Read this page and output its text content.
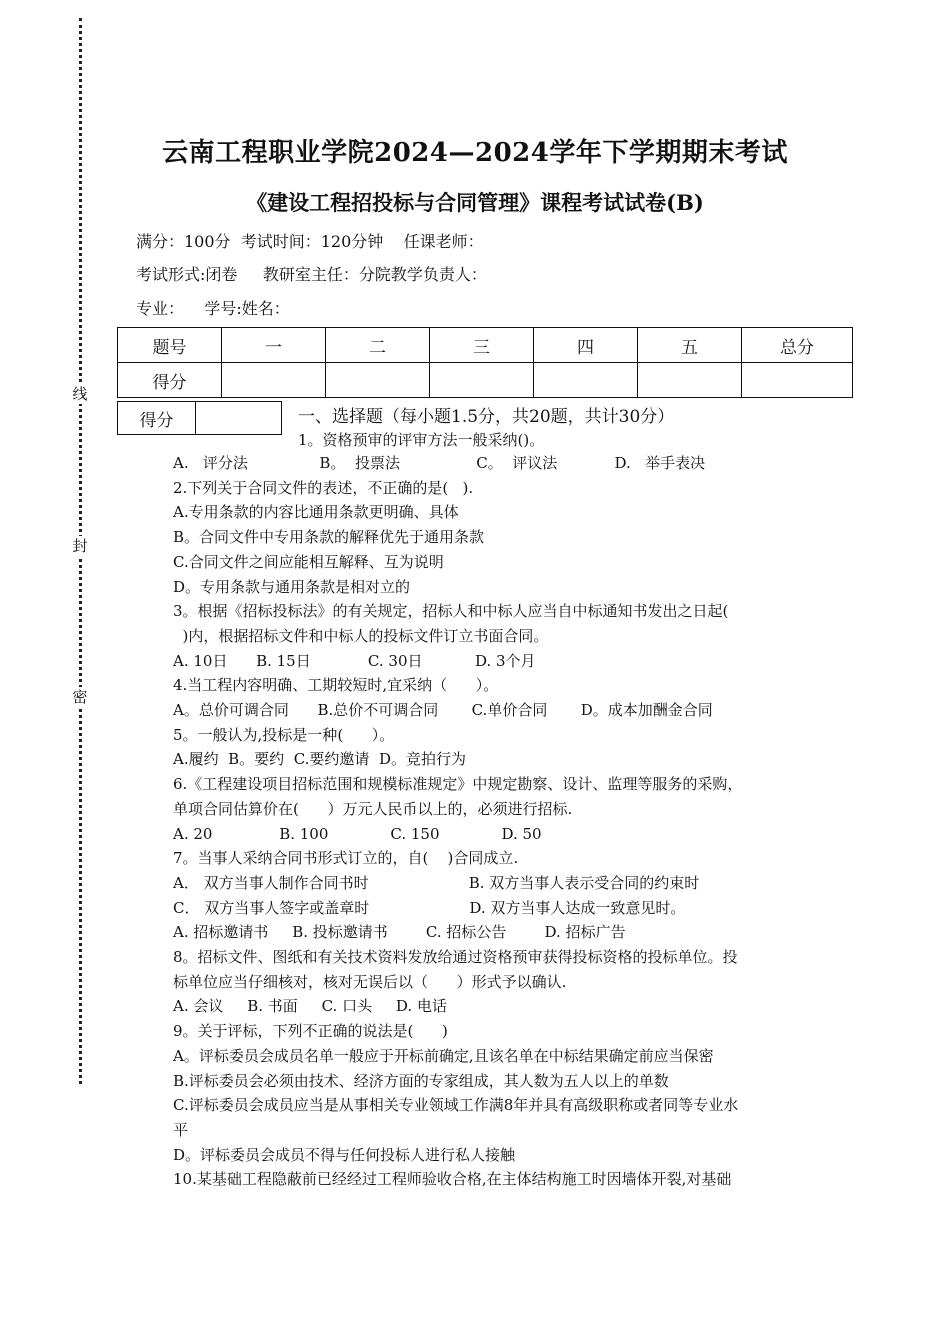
线
封
密
云南工程职业学院2024—2024学年下学期期末考试
《建设工程招投标与合同管理》课程考试试卷(B)
满分：100分  考试时间：120分钟    任课老师：
考试形式:闭卷     教研室主任：分院教学负责人：
专业：    学号:姓名：
题号	一	二	三	四	五	总分
得分						
得分		一、选择题（每小题1.5分，共20题，共计30分）
1。资格预审的评审方法一般采纳()。
A.   评分法               B。  投票法                C。  评议法            D.   举手表决
2.下列关于合同文件的表述，不正确的是(   ).
A.专用条款的内容比通用条款更明确、具体
B。合同文件中专用条款的解释优先于通用条款
C.合同文件之间应能相互解释、互为说明
D。专用条款与通用条款是相对立的
3。根据《招标投标法》的有关规定，招标人和中标人应当自中标通知书发出之日起(
)内，根据招标文件和中标人的投标文件订立书面合同。
A. 10日      B. 15日            C. 30日           D. 3个月
4.当工程内容明确、工期较短时,宜采纳（      ）。
A。总价可调合同      B.总价不可调合同       C.单价合同       D。成本加酬金合同
5。一般认为,投标是一种(      ）。
A.履约  B。要约  C.要约邀请  D。竞拍行为
6.《工程建设项目招标范围和规模标准规定》中规定勘察、设计、监理等服务的采购，
单项合同估算价在(      ）万元人民币以上的，必须进行招标.
A. 20              B. 100             C. 150             D. 50
7。当事人采纳合同书形式订立的，自(    )合同成立.
A． 双方当事人制作合同书时                     B. 双方当事人表示受合同的约束时
C． 双方当事人签字或盖章时                     D. 双方当事人达成一致意见时。
A. 招标邀请书     B. 投标邀请书        C. 招标公告        D. 招标广告
8。招标文件、图纸和有关技术资料发放给通过资格预审获得投标资格的投标单位。投
标单位应当仔细核对，核对无误后以（      ）形式予以确认.
A. 会议     B. 书面     C. 口头     D. 电话
9。关于评标，下列不正确的说法是(      )
A。评标委员会成员名单一般应于开标前确定,且该名单在中标结果确定前应当保密
B.评标委员会必须由技术、经济方面的专家组成，其人数为五人以上的单数
C.评标委员会成员应当是从事相关专业领域工作满8年并具有高级职称或者同等专业水
平
D。评标委员会成员不得与任何投标人进行私人接触
10.某基础工程隐蔽前已经经过工程师验收合格,在主体结构施工时因墙体开裂,对基础
